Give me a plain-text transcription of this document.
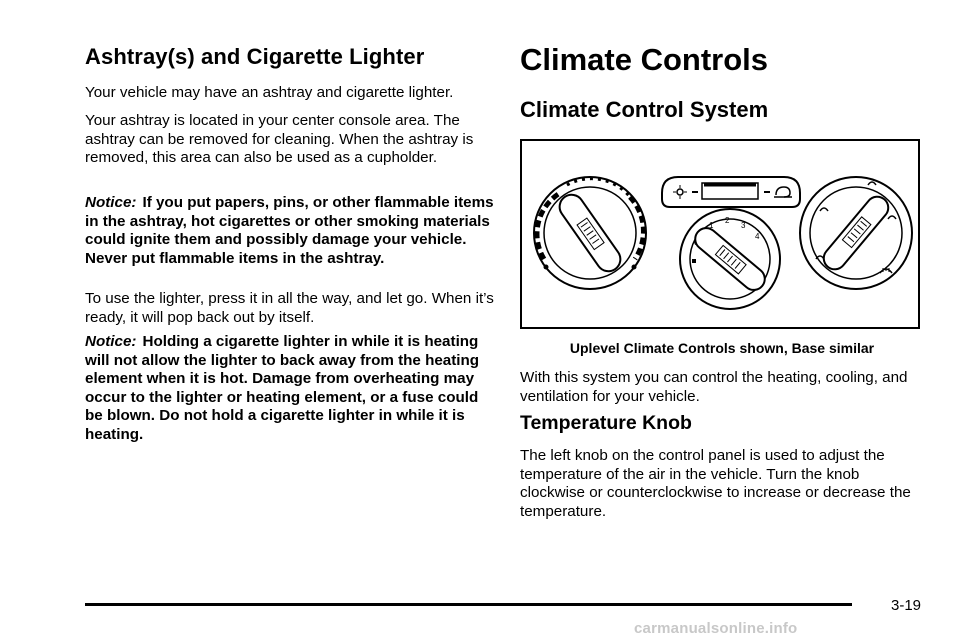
Ashtray(s) and Cigarette Lighter

Your vehicle may have an ashtray and cigarette lighter.

Your ashtray is located in your center console area. The ashtray can be removed for cleaning. When the ashtray is removed, this area can also be used as a cupholder.

Notice: If you put papers, pins, or other flammable items in the ashtray, hot cigarettes or other smoking materials could ignite them and possibly damage your vehicle. Never put flammable items in the ashtray.

To use the lighter, press it in all the way, and let go. When it’s ready, it will pop back out by itself.

Notice: Holding a cigarette lighter in while it is heating will not allow the lighter to back away from the heating element when it is hot. Damage from overheating may occur to the lighter or heating element, or a fuse could be blown. Do not hold a cigarette lighter in while it is heating.

Climate Controls
Climate Control System
1
2
3
4

Uplevel Climate Controls shown, Base similar

With this system you can control the heating, cooling, and ventilation for your vehicle.

Temperature Knob

The left knob on the control panel is used to adjust the temperature of the air in the vehicle. Turn the knob clockwise or counterclockwise to increase or decrease the temperature.

3-19

carmanualsonline.info
